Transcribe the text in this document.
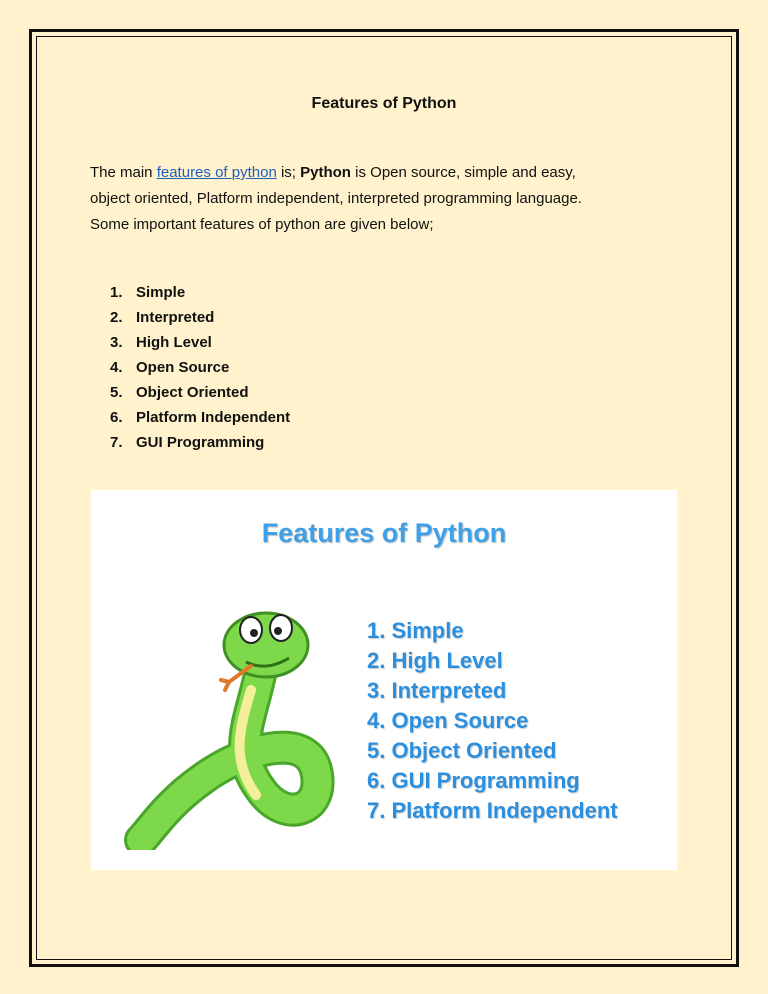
Features of Python
The main features of python is; Python is Open source, simple and easy,
object oriented, Platform independent, interpreted programming language.
Some important features of python are given below;
1. Simple
2. Interpreted
3. High Level
4. Open Source
5. Object Oriented
6. Platform Independent
7. GUI Programming
Features of Python
1. Simple
2. High Level
3. Interpreted
4. Open Source
5. Object Oriented
6. GUI Programming
7. Platform Independent
